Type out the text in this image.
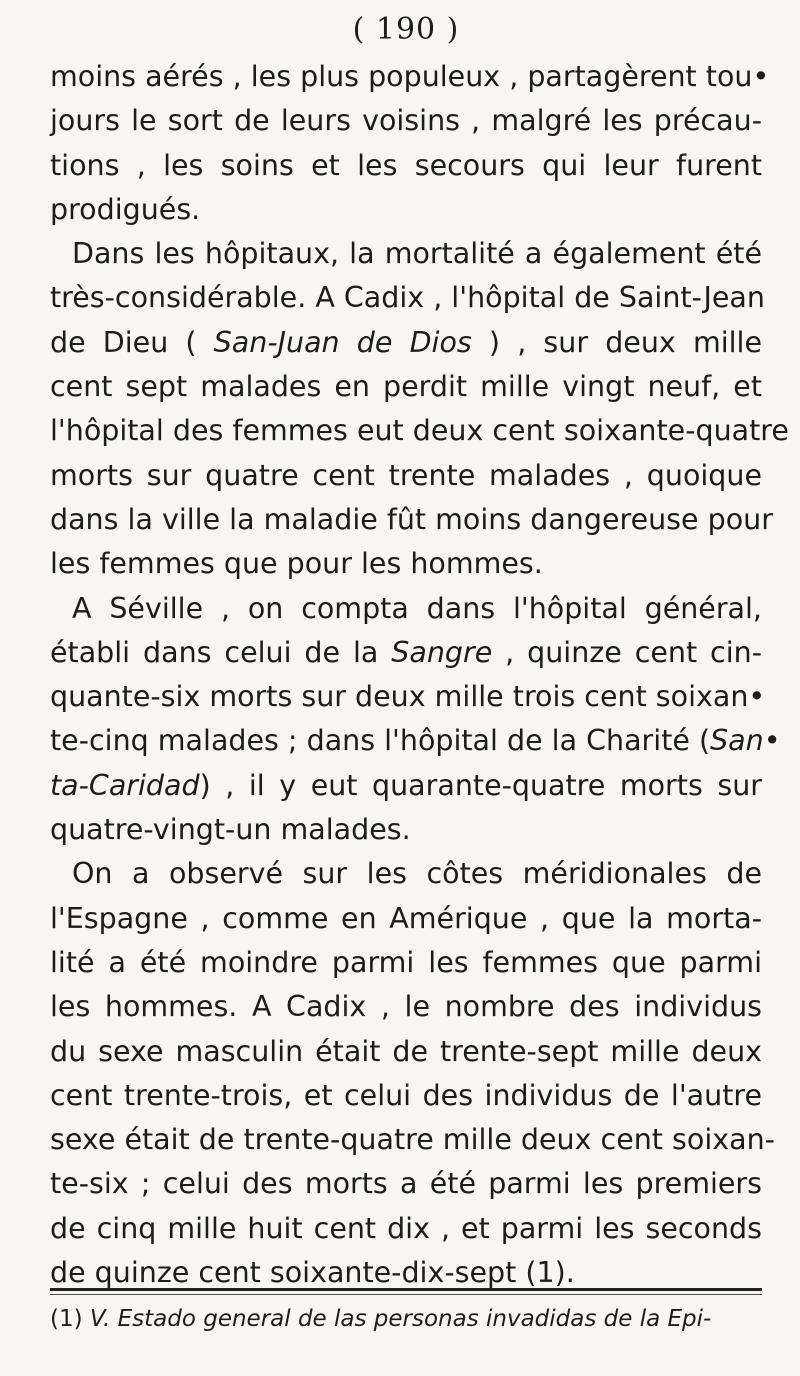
( 190 )
moins aérés , les plus populeux , partagèrent tou•
jours le sort de leurs voisins , malgré les précau-
tions , les soins et les secours qui leur furent
prodigués.
Dans les hôpitaux, la mortalité a également été
très-considérable. A Cadix , l'hôpital de Saint-Jean
de Dieu ( San-Juan de Dios ) , sur deux mille
cent sept malades en perdit mille vingt neuf, et
l'hôpital des femmes eut deux cent soixante-quatre
morts sur quatre cent trente malades , quoique
dans la ville la maladie fût moins dangereuse pour
les femmes que pour les hommes.
A Séville , on compta dans l'hôpital général,
établi dans celui de la Sangre , quinze cent cin-
quante-six morts sur deux mille trois cent soixan•
te-cinq malades ; dans l'hôpital de la Charité (San•
ta-Caridad) , il y eut quarante-quatre morts sur
quatre-vingt-un malades.
On a observé sur les côtes méridionales de
l'Espagne , comme en Amérique , que la morta-
lité a été moindre parmi les femmes que parmi
les hommes. A Cadix , le nombre des individus
du sexe masculin était de trente-sept mille deux
cent trente-trois, et celui des individus de l'autre
sexe était de trente-quatre mille deux cent soixan-
te-six ; celui des morts a été parmi les premiers
de cinq mille huit cent dix , et parmi les seconds
de quinze cent soixante-dix-sept (1).
(1) V. Estado general de las personas invadidas de la Epi-
